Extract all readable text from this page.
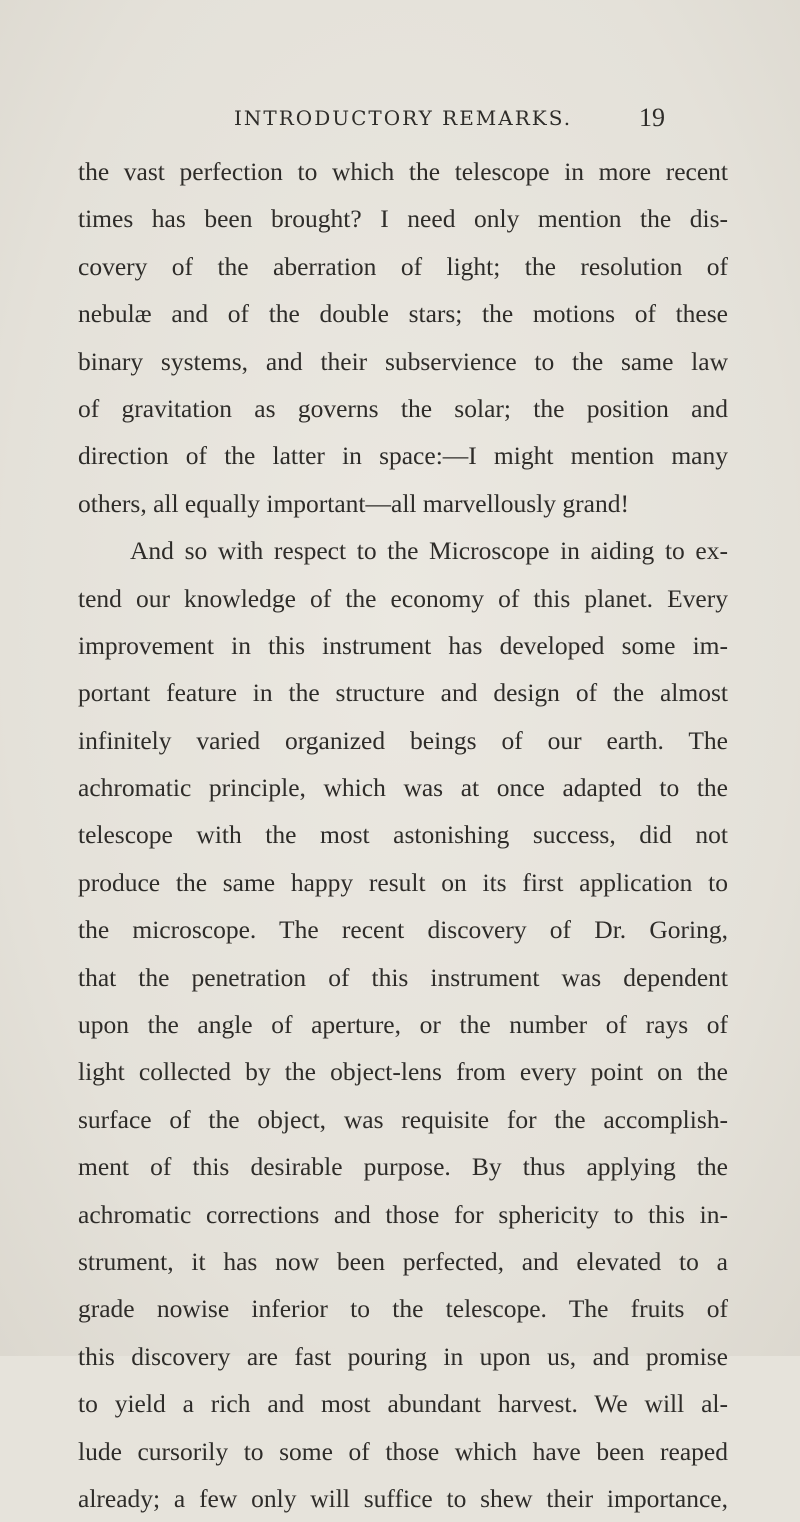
INTRODUCTORY REMARKS.	19
the vast perfection to which the telescope in more recent
times has been brought? I need only mention the dis-
covery of the aberration of light; the resolution of
nebulæ and of the double stars; the motions of these
binary systems, and their subservience to the same law
of gravitation as governs the solar; the position and
direction of the latter in space:—I might mention many
others, all equally important—all marvellously grand!
And so with respect to the Microscope in aiding to ex-
tend our knowledge of the economy of this planet. Every
improvement in this instrument has developed some im-
portant feature in the structure and design of the almost
infinitely varied organized beings of our earth. The
achromatic principle, which was at once adapted to the
telescope with the most astonishing success, did not
produce the same happy result on its first application to
the microscope. The recent discovery of Dr. Goring,
that the penetration of this instrument was dependent
upon the angle of aperture, or the number of rays of
light collected by the object-lens from every point on the
surface of the object, was requisite for the accomplish-
ment of this desirable purpose. By thus applying the
achromatic corrections and those for sphericity to this in-
strument, it has now been perfected, and elevated to a
grade nowise inferior to the telescope. The fruits of
this discovery are fast pouring in upon us, and promise
to yield a rich and most abundant harvest. We will al-
lude cursorily to some of those which have been reaped
already; a few only will suffice to shew their importance,
